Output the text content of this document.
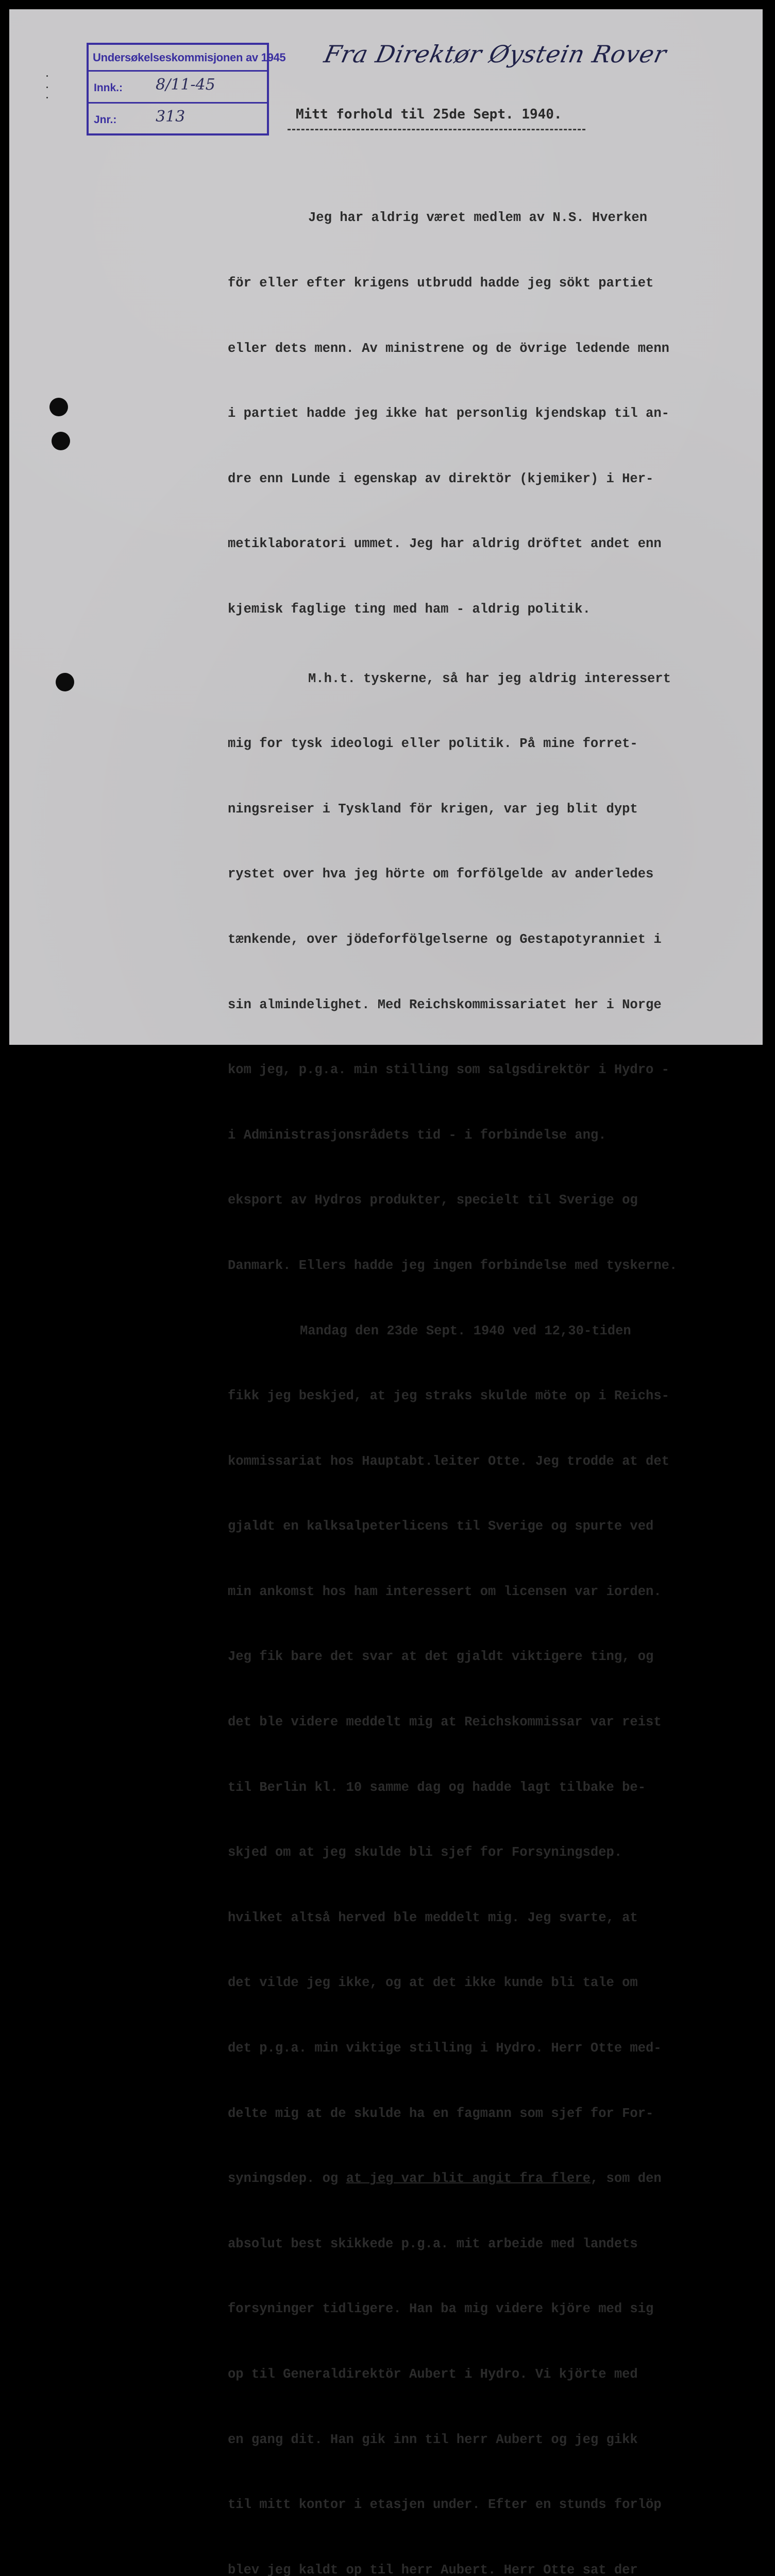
Undersøkelseskommisjonen av 1945
Innk.: 8/11-45
Jnr.:	313
Fra Direktør Øystein Rover
Mitt forhold til 25de Sept. 1940.

Jeg har aldrig været medlem av N.S. Hverken

för eller efter krigens utbrudd hadde jeg sökt partiet

eller dets menn. Av ministrene og de övrige ledende menn

i partiet hadde jeg ikke hat personlig kjendskap til an-

dre enn Lunde i egenskap av direktör (kjemiker) i Her-

metiklaboratori ummet. Jeg har aldrig dröftet andet enn

kjemisk faglige ting med ham - aldrig politik.

M.h.t. tyskerne, så har jeg aldrig interessert

mig for tysk ideologi eller politik. På mine forret-

ningsreiser i Tyskland för krigen, var jeg blit dypt

rystet over hva jeg hörte om forfölgelde av anderledes

tænkende, over jödeforfölgelserne og Gestapotyranniet i

sin almindelighet. Med Reichskommissariatet her i Norge

kom jeg, p.g.a. min stilling som salgsdirektör i Hydro -

i Administrasjonsrådets tid - i forbindelse ang.

eksport av Hydros produkter, specielt til Sverige og

Danmark. Ellers hadde jeg ingen forbindelse med tyskerne.

Mandag den 23de Sept. 1940 ved 12,30-tiden

fikk jeg beskjed, at jeg straks skulde möte op i Reichs-

kommissariat hos Hauptabt.leiter Otte. Jeg trodde at det

gjaldt en kalksalpeterlicens til Sverige og spurte ved

min ankomst hos ham interessert om licensen var iorden.

Jeg fik bare det svar at det gjaldt viktigere ting, og

det ble videre meddelt mig at Reichskommissar var reist

til Berlin kl. 10 samme dag og hadde lagt tilbake be-

skjed om at jeg skulde bli sjef for Forsyningsdep.

hvilket altså herved ble meddelt mig. Jeg svarte, at

det vilde jeg ikke, og at det ikke kunde bli tale om

det p.g.a. min viktige stilling i Hydro. Herr Otte med-

delte mig at de skulde ha en fagmann som sjef for For-

syningsdep. og at jeg var blit angit fra flere, som den

absolut best skikkede p.g.a. mit arbeide med landets

forsyninger tidligere. Han ba mig videre kjöre med sig

op til Generaldirektör Aubert i Hydro. Vi kjörte med

en gang dit. Han gik inn til herr Aubert og jeg gikk

til mitt kontor i etasjen under. Efter en stunds forlöp

blev jeg kaldt op til herr Aubert. Herr Otte sat der
